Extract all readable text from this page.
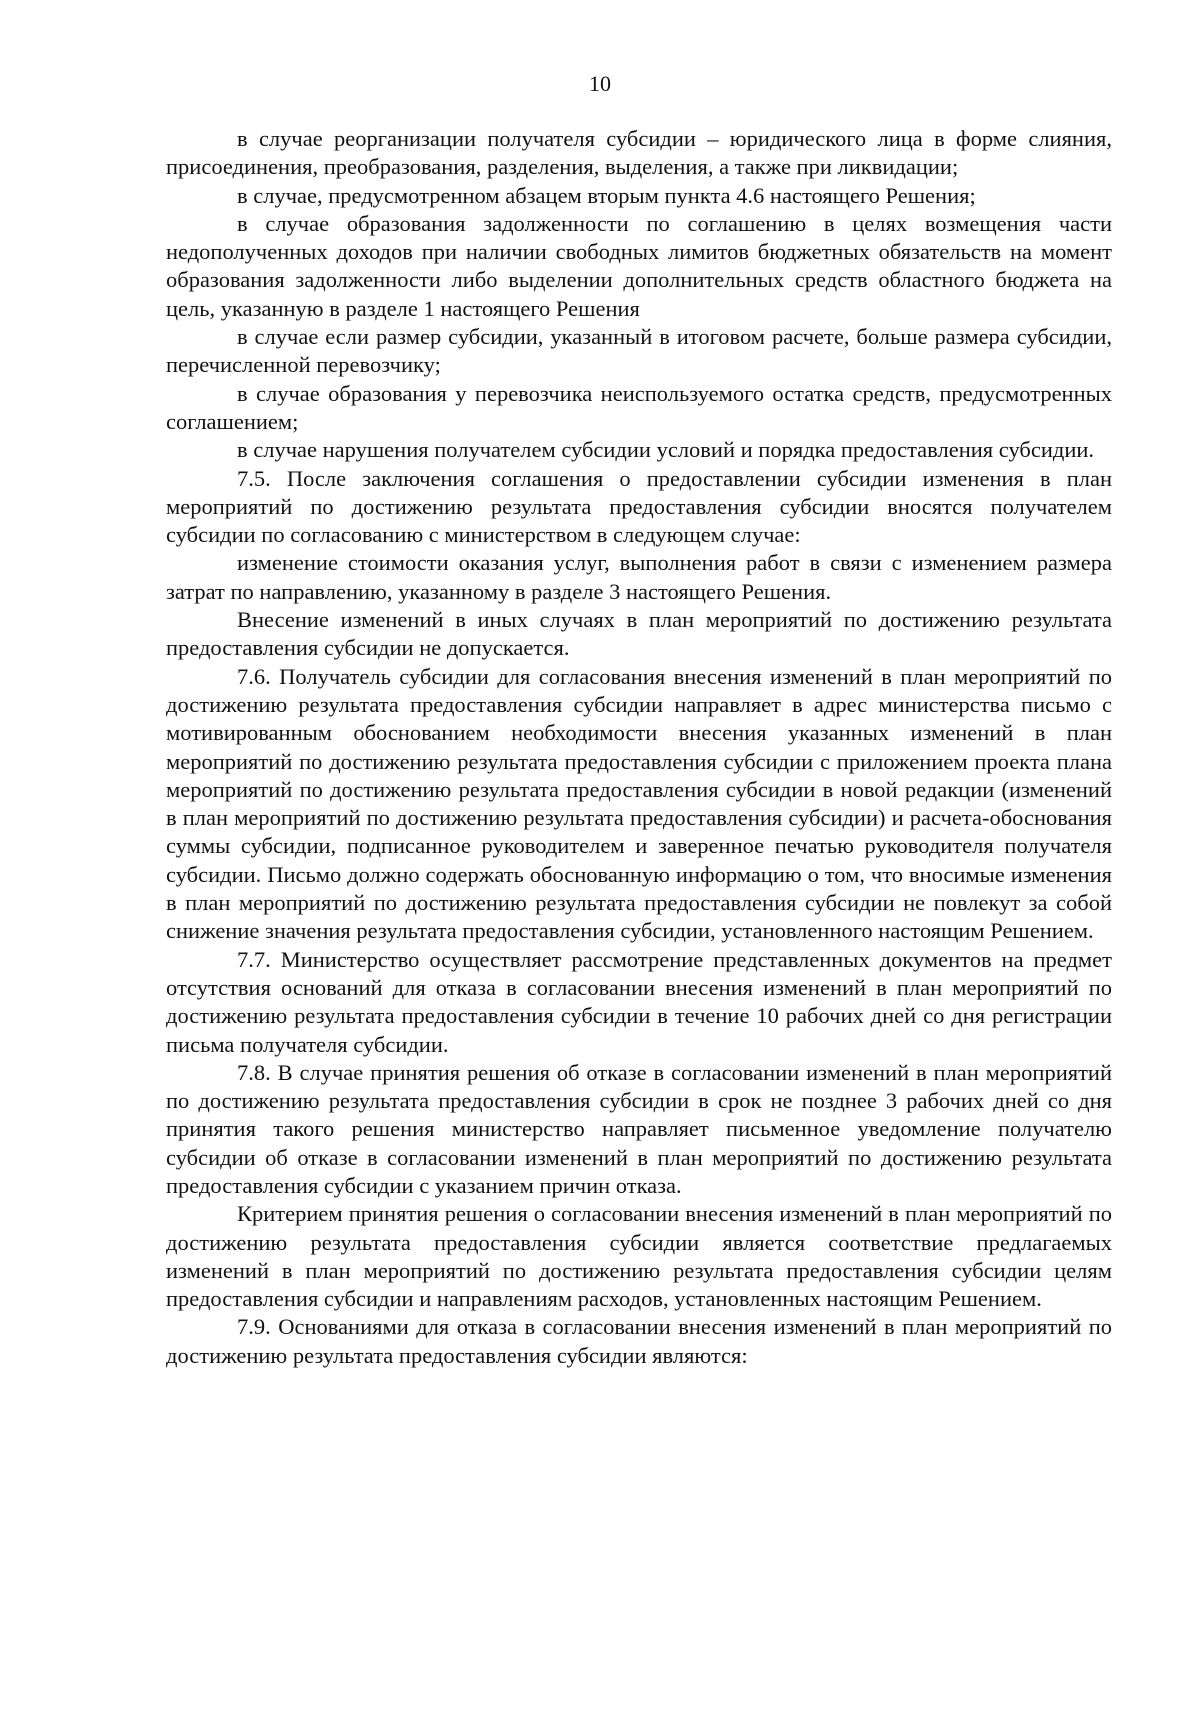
10

в случае реорганизации получателя субсидии – юридического лица в форме слияния, присоединения, преобразования, разделения, выделения, а также при ликвидации;

в случае, предусмотренном абзацем вторым пункта 4.6 настоящего Решения;

в случае образования задолженности по соглашению в целях возмещения части недополученных доходов при наличии свободных лимитов бюджетных обязательств на момент образования задолженности либо выделении дополнительных средств областного бюджета на цель, указанную в разделе 1 настоящего Решения

в случае если размер субсидии, указанный в итоговом расчете, больше размера субсидии, перечисленной перевозчику;

в случае образования у перевозчика неиспользуемого остатка средств, предусмотренных соглашением;

в случае нарушения получателем субсидии условий и порядка предоставления субсидии.

7.5. После заключения соглашения о предоставлении субсидии изменения в план мероприятий по достижению результата предоставления субсидии вносятся получателем субсидии по согласованию с министерством в следующем случае:

изменение стоимости оказания услуг, выполнения работ в связи с изменением размера затрат по направлению, указанному в разделе 3 настоящего Решения.

Внесение изменений в иных случаях в план мероприятий по достижению результата предоставления субсидии не допускается.

7.6. Получатель субсидии для согласования внесения изменений в план мероприятий по достижению результата предоставления субсидии направляет в адрес министерства письмо с мотивированным обоснованием необходимости внесения указанных изменений в план мероприятий по достижению результата предоставления субсидии с приложением проекта плана мероприятий по достижению результата предоставления субсидии в новой редакции (изменений в план мероприятий по достижению результата предоставления субсидии) и расчета-обоснования суммы субсидии, подписанное руководителем и заверенное печатью руководителя получателя субсидии. Письмо должно содержать обоснованную информацию о том, что вносимые изменения в план мероприятий по достижению результата предоставления субсидии не повлекут за собой снижение значения результата предоставления субсидии, установленного настоящим Решением.

7.7. Министерство осуществляет рассмотрение представленных документов на предмет отсутствия оснований для отказа в согласовании внесения изменений в план мероприятий по достижению результата предоставления субсидии в течение 10 рабочих дней со дня регистрации письма получателя субсидии.

7.8. В случае принятия решения об отказе в согласовании изменений в план мероприятий по достижению результата предоставления субсидии в срок не позднее 3 рабочих дней со дня принятия такого решения министерство направляет письменное уведомление получателю субсидии об отказе в согласовании изменений в план мероприятий по достижению результата предоставления субсидии с указанием причин отказа.

Критерием принятия решения о согласовании внесения изменений в план мероприятий по достижению результата предоставления субсидии является соответствие предлагаемых изменений в план мероприятий по достижению результата предоставления субсидии целям предоставления субсидии и направлениям расходов, установленных настоящим Решением.

7.9. Основаниями для отказа в согласовании внесения изменений в план мероприятий по достижению результата предоставления субсидии являются:
